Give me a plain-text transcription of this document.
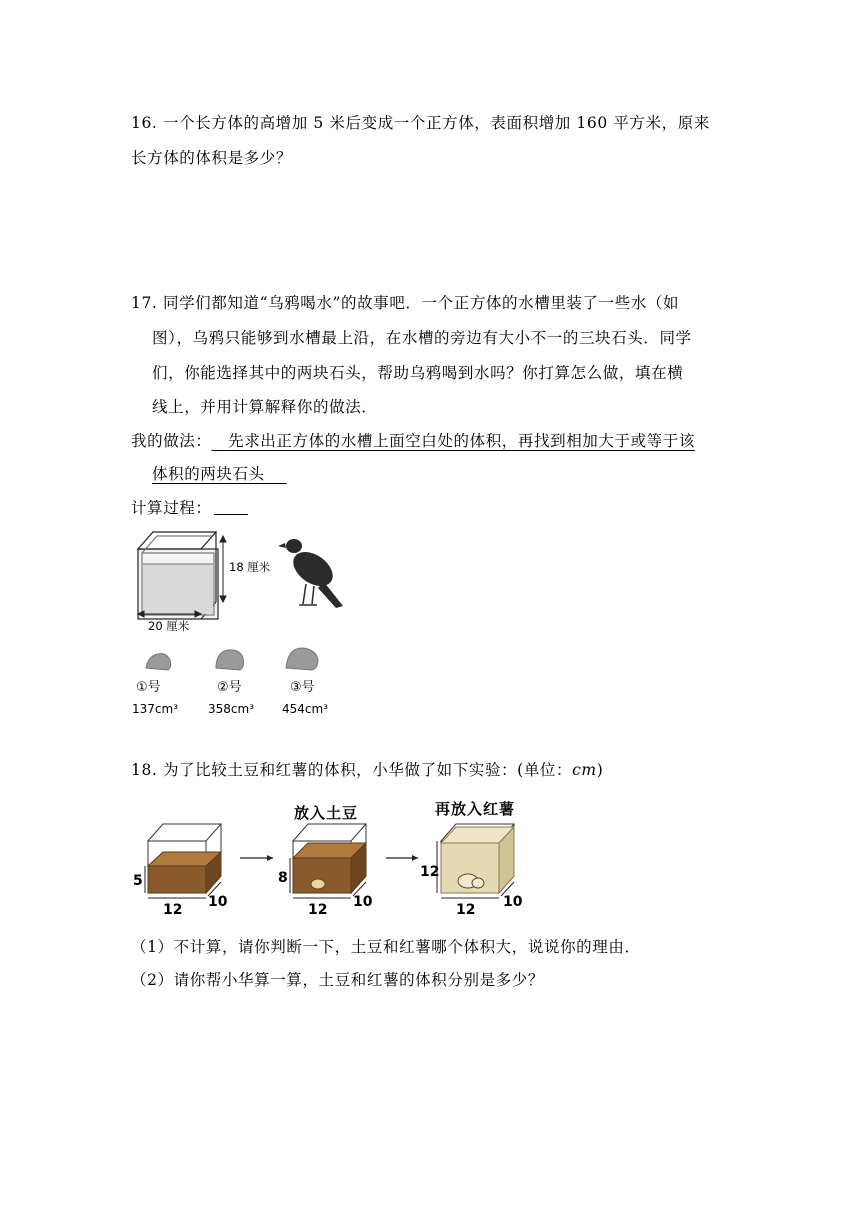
16. 一个长方体的高增加 5 米后变成一个正方体，表面积增加 160 平方米，原来
长方体的体积是多少？
17. 同学们都知道“乌鸦喝水”的故事吧．一个正方体的水槽里装了一些水（如
图），乌鸦只能够到水槽最上沿，在水槽的旁边有大小不一的三块石头．同学
们，你能选择其中的两块石头，帮助乌鸦喝到水吗？你打算怎么做，填在横
线上，并用计算解释你的做法．
我的做法： 先求出正方体的水槽上面空白处的体积，再找到相加大于或等于该
体积的两块石头
计算过程：
18 厘米
20 厘米
①号	②号	③号
137cm³ 358cm³ 454cm³
18. 为了比较土豆和红薯的体积，小华做了如下实验：(单位：cm)
5
12 10
放入土豆
8
12 10
再放入红薯
12
12 10
（1）不计算，请你判断一下，土豆和红薯哪个体积大，说说你的理由．
（2）请你帮小华算一算，土豆和红薯的体积分别是多少？
